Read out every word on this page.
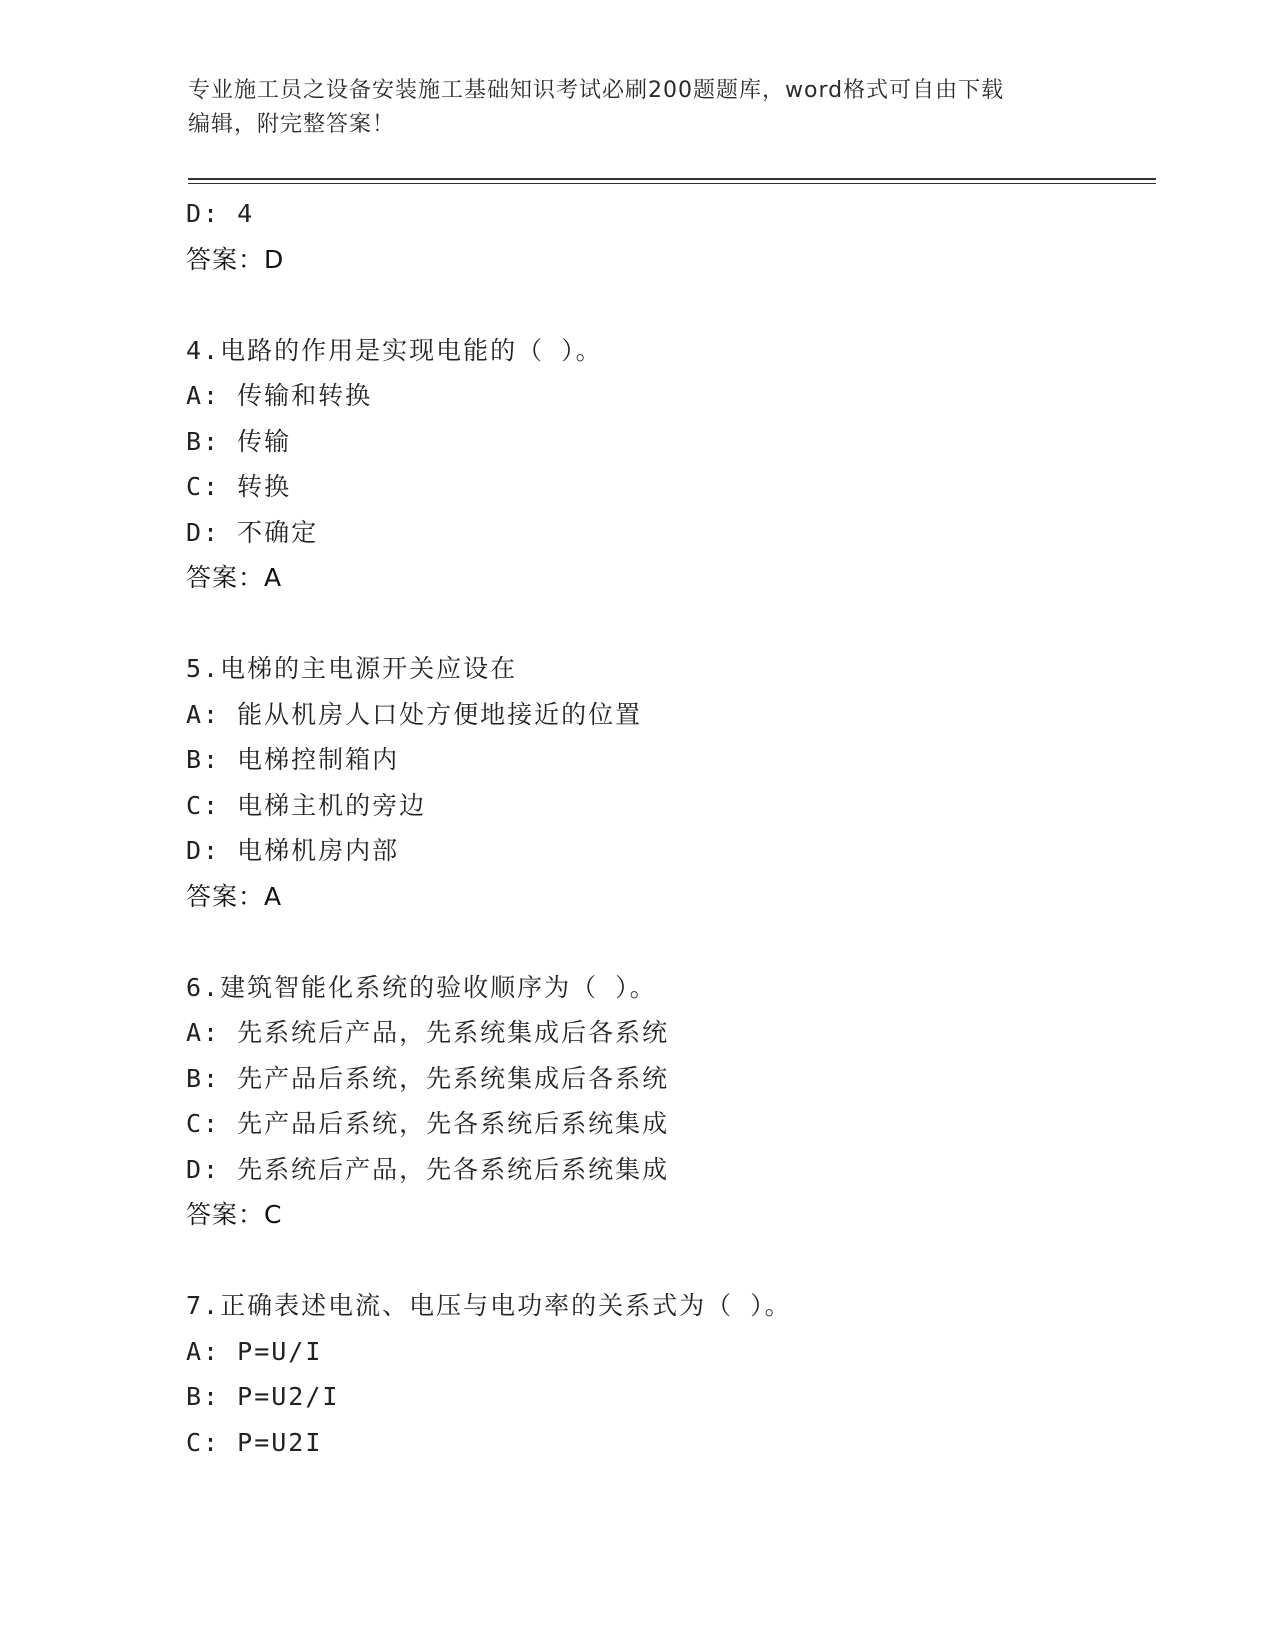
专业施工员之设备安装施工基础知识考试必刷200题题库，word格式可自由下载
编辑，附完整答案！
D: 4
答案：D
4.电路的作用是实现电能的（ ）。
A: 传输和转换
B: 传输
C: 转换
D: 不确定
答案：A
5.电梯的主电源开关应设在
A: 能从机房人口处方便地接近的位置
B: 电梯控制箱内
C: 电梯主机的旁边
D: 电梯机房内部
答案：A
6.建筑智能化系统的验收顺序为（ ）。
A: 先系统后产品，先系统集成后各系统
B: 先产品后系统，先系统集成后各系统
C: 先产品后系统，先各系统后系统集成
D: 先系统后产品，先各系统后系统集成
答案：C
7.正确表述电流、电压与电功率的关系式为（ ）。
A: P=U/I
B: P=U2/I
C: P=U2I
